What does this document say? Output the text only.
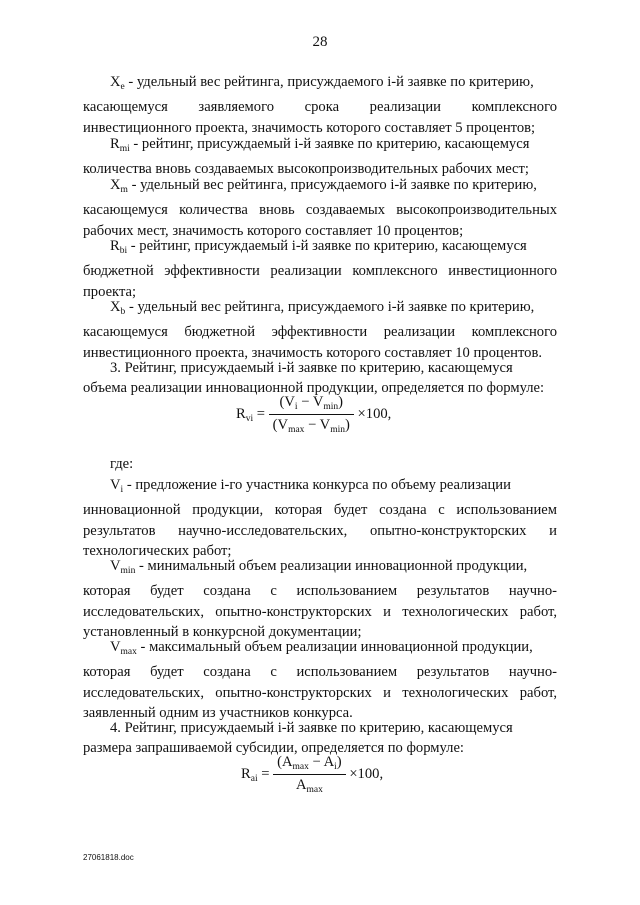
28
$X_e$ - удельный вес рейтинга, присуждаемого i-й заявке по критерию,
касающемуся заявляемого срока реализации комплексного
инвестиционного проекта, значимость которого составляет 5 процентов;
$R_{mi}$ - рейтинг, присуждаемый i-й заявке по критерию, касающемуся
количества вновь создаваемых высокопроизводительных рабочих мест;
$X_m$ - удельный вес рейтинга, присуждаемого i-й заявке по критерию,
касающемуся количества вновь создаваемых высокопроизводительных
рабочих мест, значимость которого составляет 10 процентов;
$R_{bi}$ - рейтинг, присуждаемый i-й заявке по критерию, касающемуся
бюджетной эффективности реализации комплексного инвестиционного
проекта;
$X_b$ - удельный вес рейтинга, присуждаемого i-й заявке по критерию,
касающемуся бюджетной эффективности реализации комплексного
инвестиционного проекта, значимость которого составляет 10 процентов.
3. Рейтинг, присуждаемый i-й заявке по критерию, касающемуся
объема реализации инновационной продукции, определяется по формуле:
$R_{vi} = \frac{(V_i - V_{min})}{(V_{max} - V_{min})} \times 100$,
где:
$V_i$ - предложение i-го участника конкурса по объему реализации
инновационной продукции, которая будет создана с использованием
результатов научно-исследовательских, опытно-конструкторских и
технологических работ;
$V_{min}$ - минимальный объем реализации инновационной продукции,
которая будет создана с использованием результатов научно-
исследовательских, опытно-конструкторских и технологических работ,
установленный в конкурсной документации;
$V_{max}$ - максимальный объем реализации инновационной продукции,
которая будет создана с использованием результатов научно-
исследовательских, опытно-конструкторских и технологических работ,
заявленный одним из участников конкурса.
4. Рейтинг, присуждаемый i-й заявке по критерию, касающемуся
размера запрашиваемой субсидии, определяется по формуле:
$R_{ai} = \frac{(A_{max} - A_i)}{A_{max}} \times 100$,
27061818.doc
